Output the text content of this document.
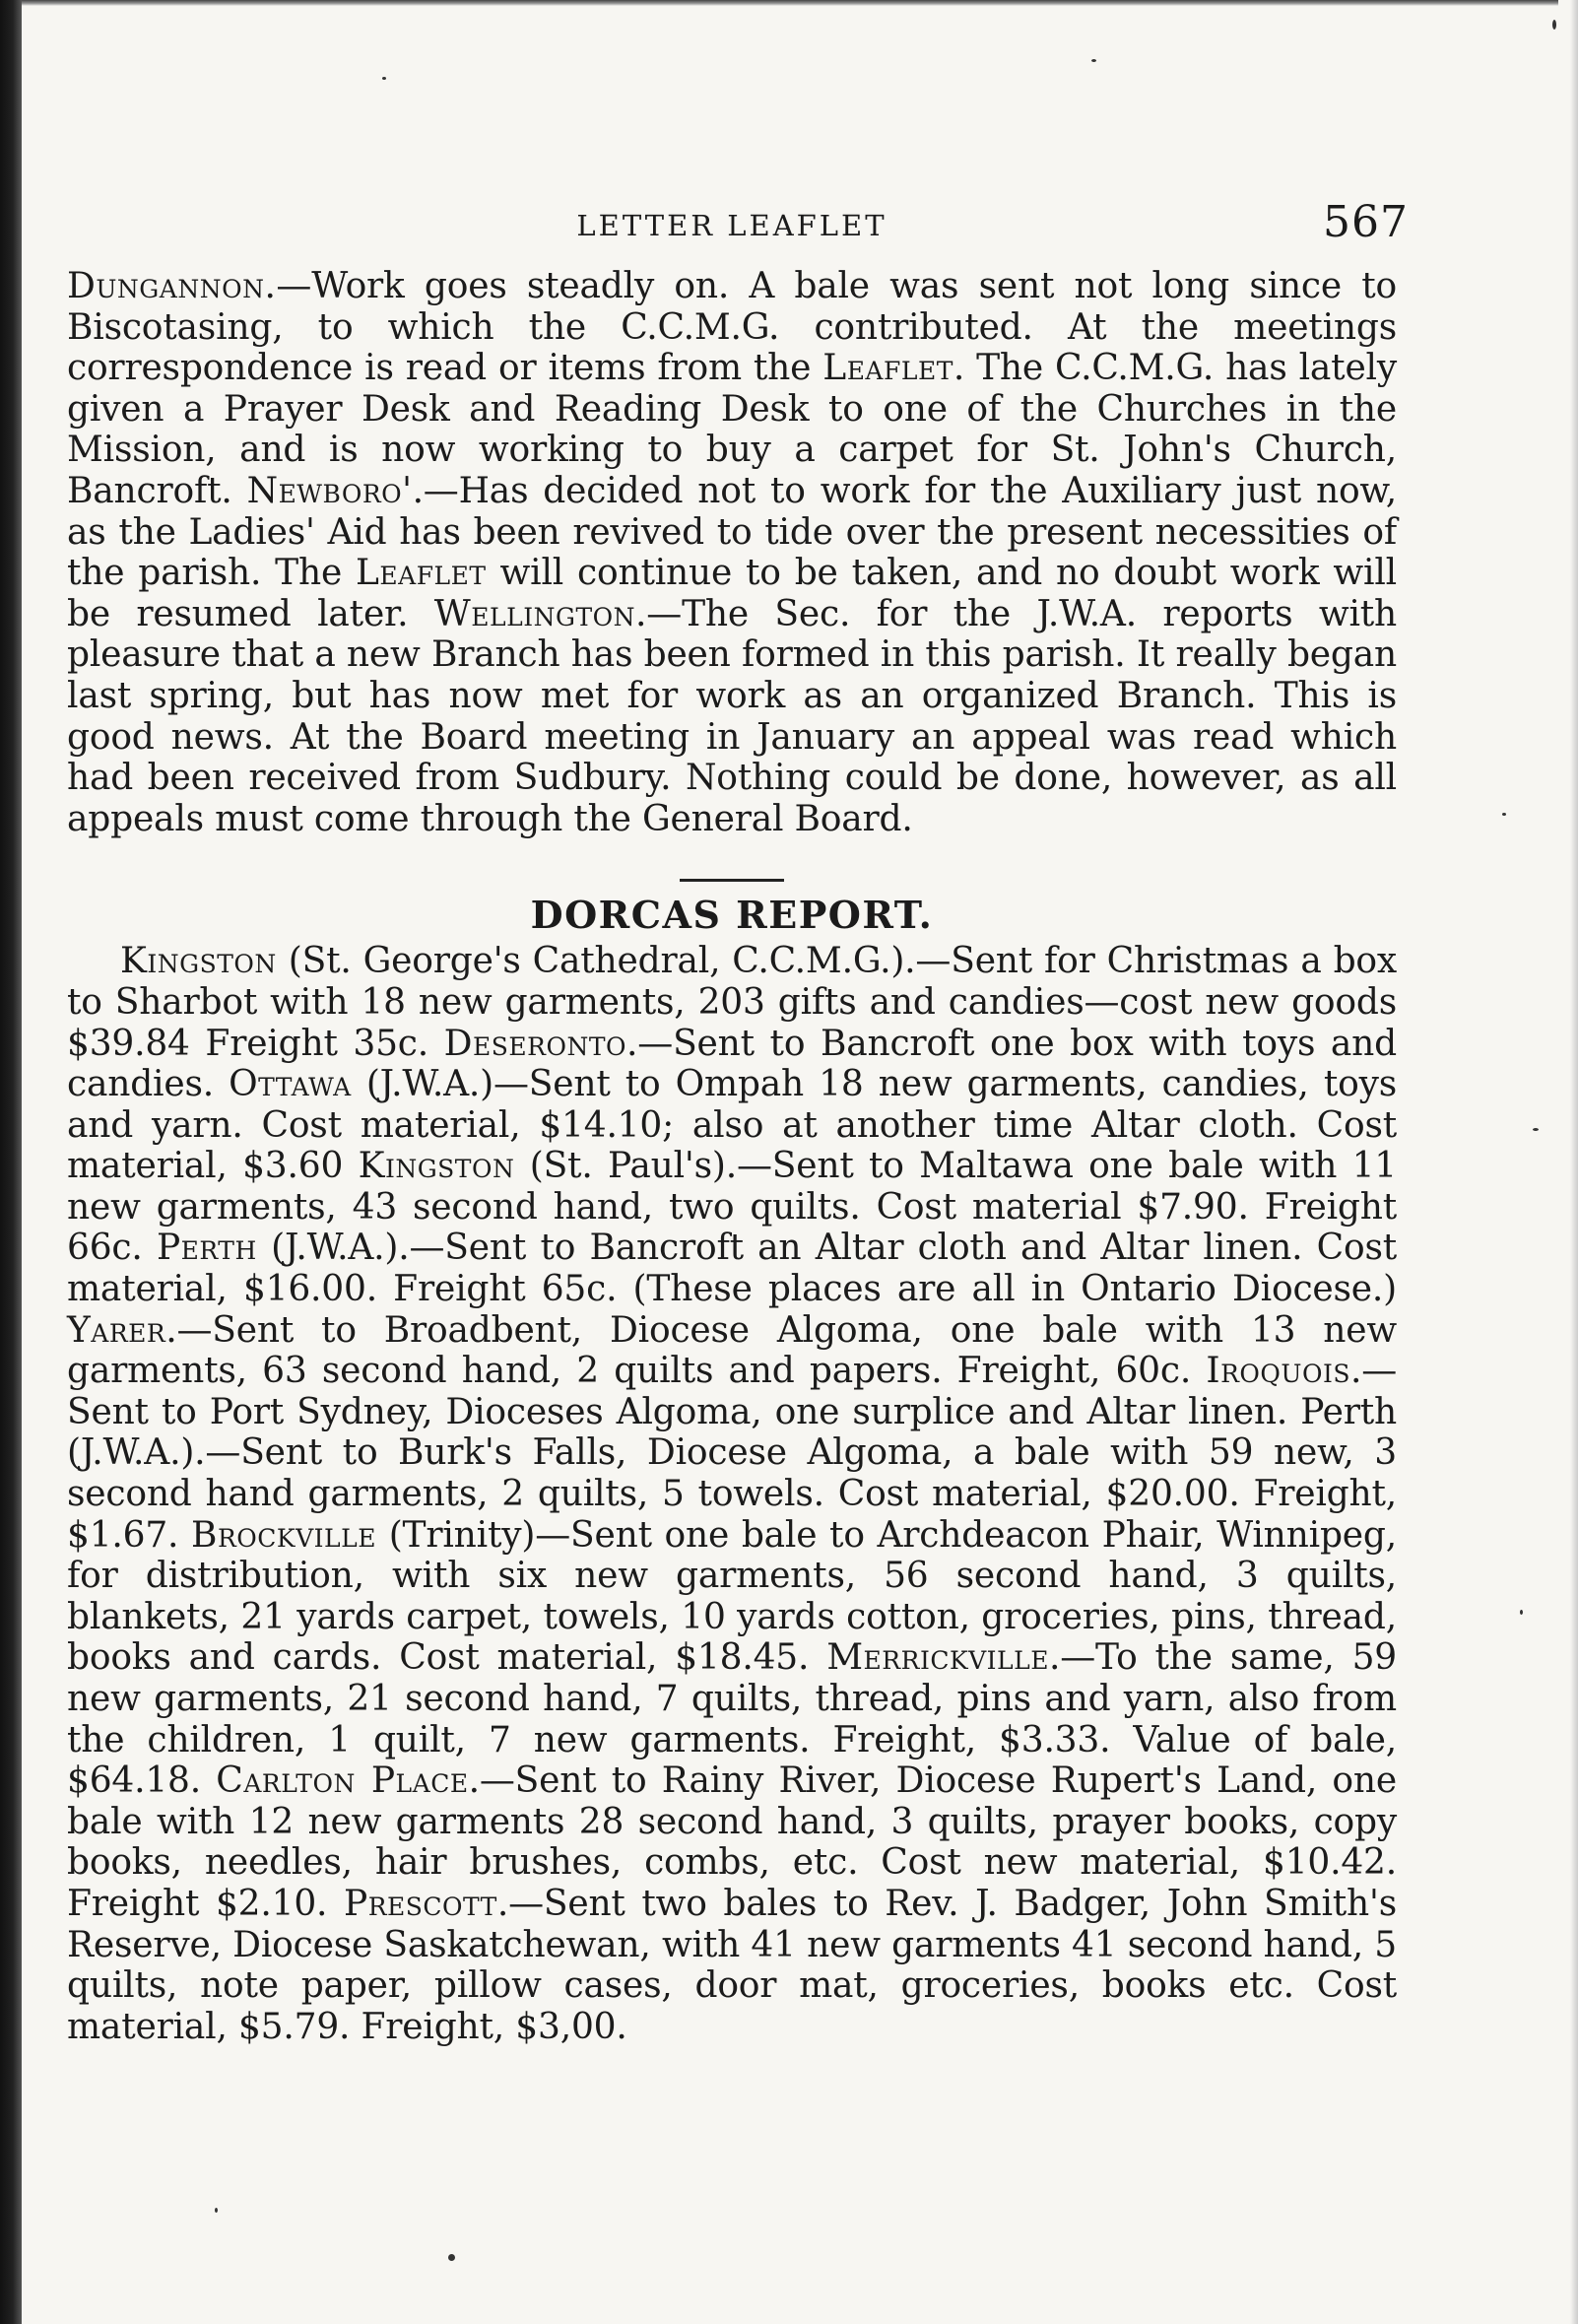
LETTER LEAFLET	567

Dungannon.—Work goes steadly on. A bale was sent not long since to Biscotasing, to which the C.C.M.G. contributed. At the meetings correspondence is read or items from the Leaflet. The C.C.M.G. has lately given a Prayer Desk and Reading Desk to one of the Churches in the Mission, and is now working to buy a carpet for St. John's Church, Bancroft. Newboro'.—Has decided not to work for the Auxiliary just now, as the Ladies' Aid has been revived to tide over the present necessities of the parish. The Leaflet will continue to be taken, and no doubt work will be resumed later. Wellington.—The Sec. for the J.W.A. reports with pleasure that a new Branch has been formed in this parish. It really began last spring, but has now met for work as an organized Branch. This is good news. At the Board meeting in January an appeal was read which had been received from Sudbury. Nothing could be done, however, as all appeals must come through the General Board.

DORCAS REPORT.

Kingston (St. George's Cathedral, C.C.M.G.).—Sent for Christmas a box to Sharbot with 18 new garments, 203 gifts and candies—cost new goods $39.84 Freight 35c. Deseronto.—Sent to Bancroft one box with toys and candies. Ottawa (J.W.A.)—Sent to Ompah 18 new garments, candies, toys and yarn. Cost material, $14.10; also at another time Altar cloth. Cost material, $3.60 Kingston (St. Paul's).—Sent to Maltawa one bale with 11 new garments, 43 second hand, two quilts. Cost material $7.90. Freight 66c. Perth (J.W.A.).—Sent to Bancroft an Altar cloth and Altar linen. Cost material, $16.00. Freight 65c. (These places are all in Ontario Diocese.) Yarer.—Sent to Broadbent, Diocese Algoma, one bale with 13 new garments, 63 second hand, 2 quilts and papers. Freight, 60c. Iroquois.—Sent to Port Sydney, Dioceses Algoma, one surplice and Altar linen. Perth (J.W.A.).—Sent to Burk's Falls, Diocese Algoma, a bale with 59 new, 3 second hand garments, 2 quilts, 5 towels. Cost material, $20.00. Freight, $1.67. Brockville (Trinity)—Sent one bale to Archdeacon Phair, Winnipeg, for distribution, with six new garments, 56 second hand, 3 quilts, blankets, 21 yards carpet, towels, 10 yards cotton, groceries, pins, thread, books and cards. Cost material, $18.45. Merrickville.—To the same, 59 new garments, 21 second hand, 7 quilts, thread, pins and yarn, also from the children, 1 quilt, 7 new garments. Freight, $3.33. Value of bale, $64.18. Carlton Place.—Sent to Rainy River, Diocese Rupert's Land, one bale with 12 new garments 28 second hand, 3 quilts, prayer books, copy books, needles, hair brushes, combs, etc. Cost new material, $10.42. Freight $2.10. Prescott.—Sent two bales to Rev. J. Badger, John Smith's Reserve, Diocese Saskatchewan, with 41 new garments 41 second hand, 5 quilts, note paper, pillow cases, door mat, groceries, books etc. Cost material, $5.79. Freight, $3,00.
